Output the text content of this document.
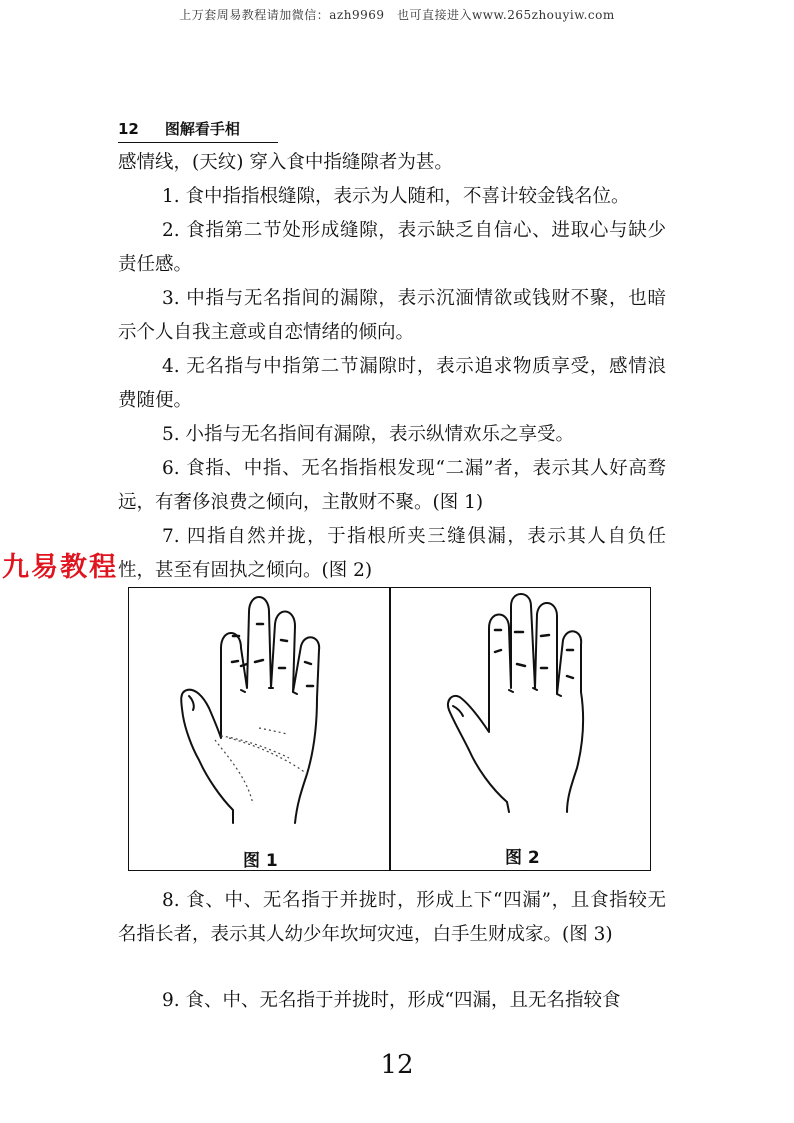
上万套周易教程请加微信：azh9969　也可直接进入www.265zhouyiw.com
12 图解看手相
感情线，(天纹) 穿入食中指缝隙者为甚。
1. 食中指指根缝隙，表示为人随和，不喜计较金钱名位。
2. 食指第二节处形成缝隙，表示缺乏自信心、进取心与缺少责任感。
3. 中指与无名指间的漏隙，表示沉湎情欲或钱财不聚，也暗示个人自我主意或自恋情绪的倾向。
4. 无名指与中指第二节漏隙时，表示追求物质享受，感情浪费随便。
5. 小指与无名指间有漏隙，表示纵情欢乐之享受。
6. 食指、中指、无名指指根发现“二漏”者，表示其人好高骛远，有奢侈浪费之倾向，主散财不聚。(图 1)
7. 四指自然并拢，于指根所夹三缝俱漏，表示其人自负任性，甚至有固执之倾向。(图 2)
九易教程
图 1	图 2
8. 食、中、无名指于并拢时，形成上下“四漏”，且食指较无名指长者，表示其人幼少年坎坷灾迍，白手生财成家。(图 3)
9. 食、中、无名指于并拢时，形成“四漏，且无名指较食
12
